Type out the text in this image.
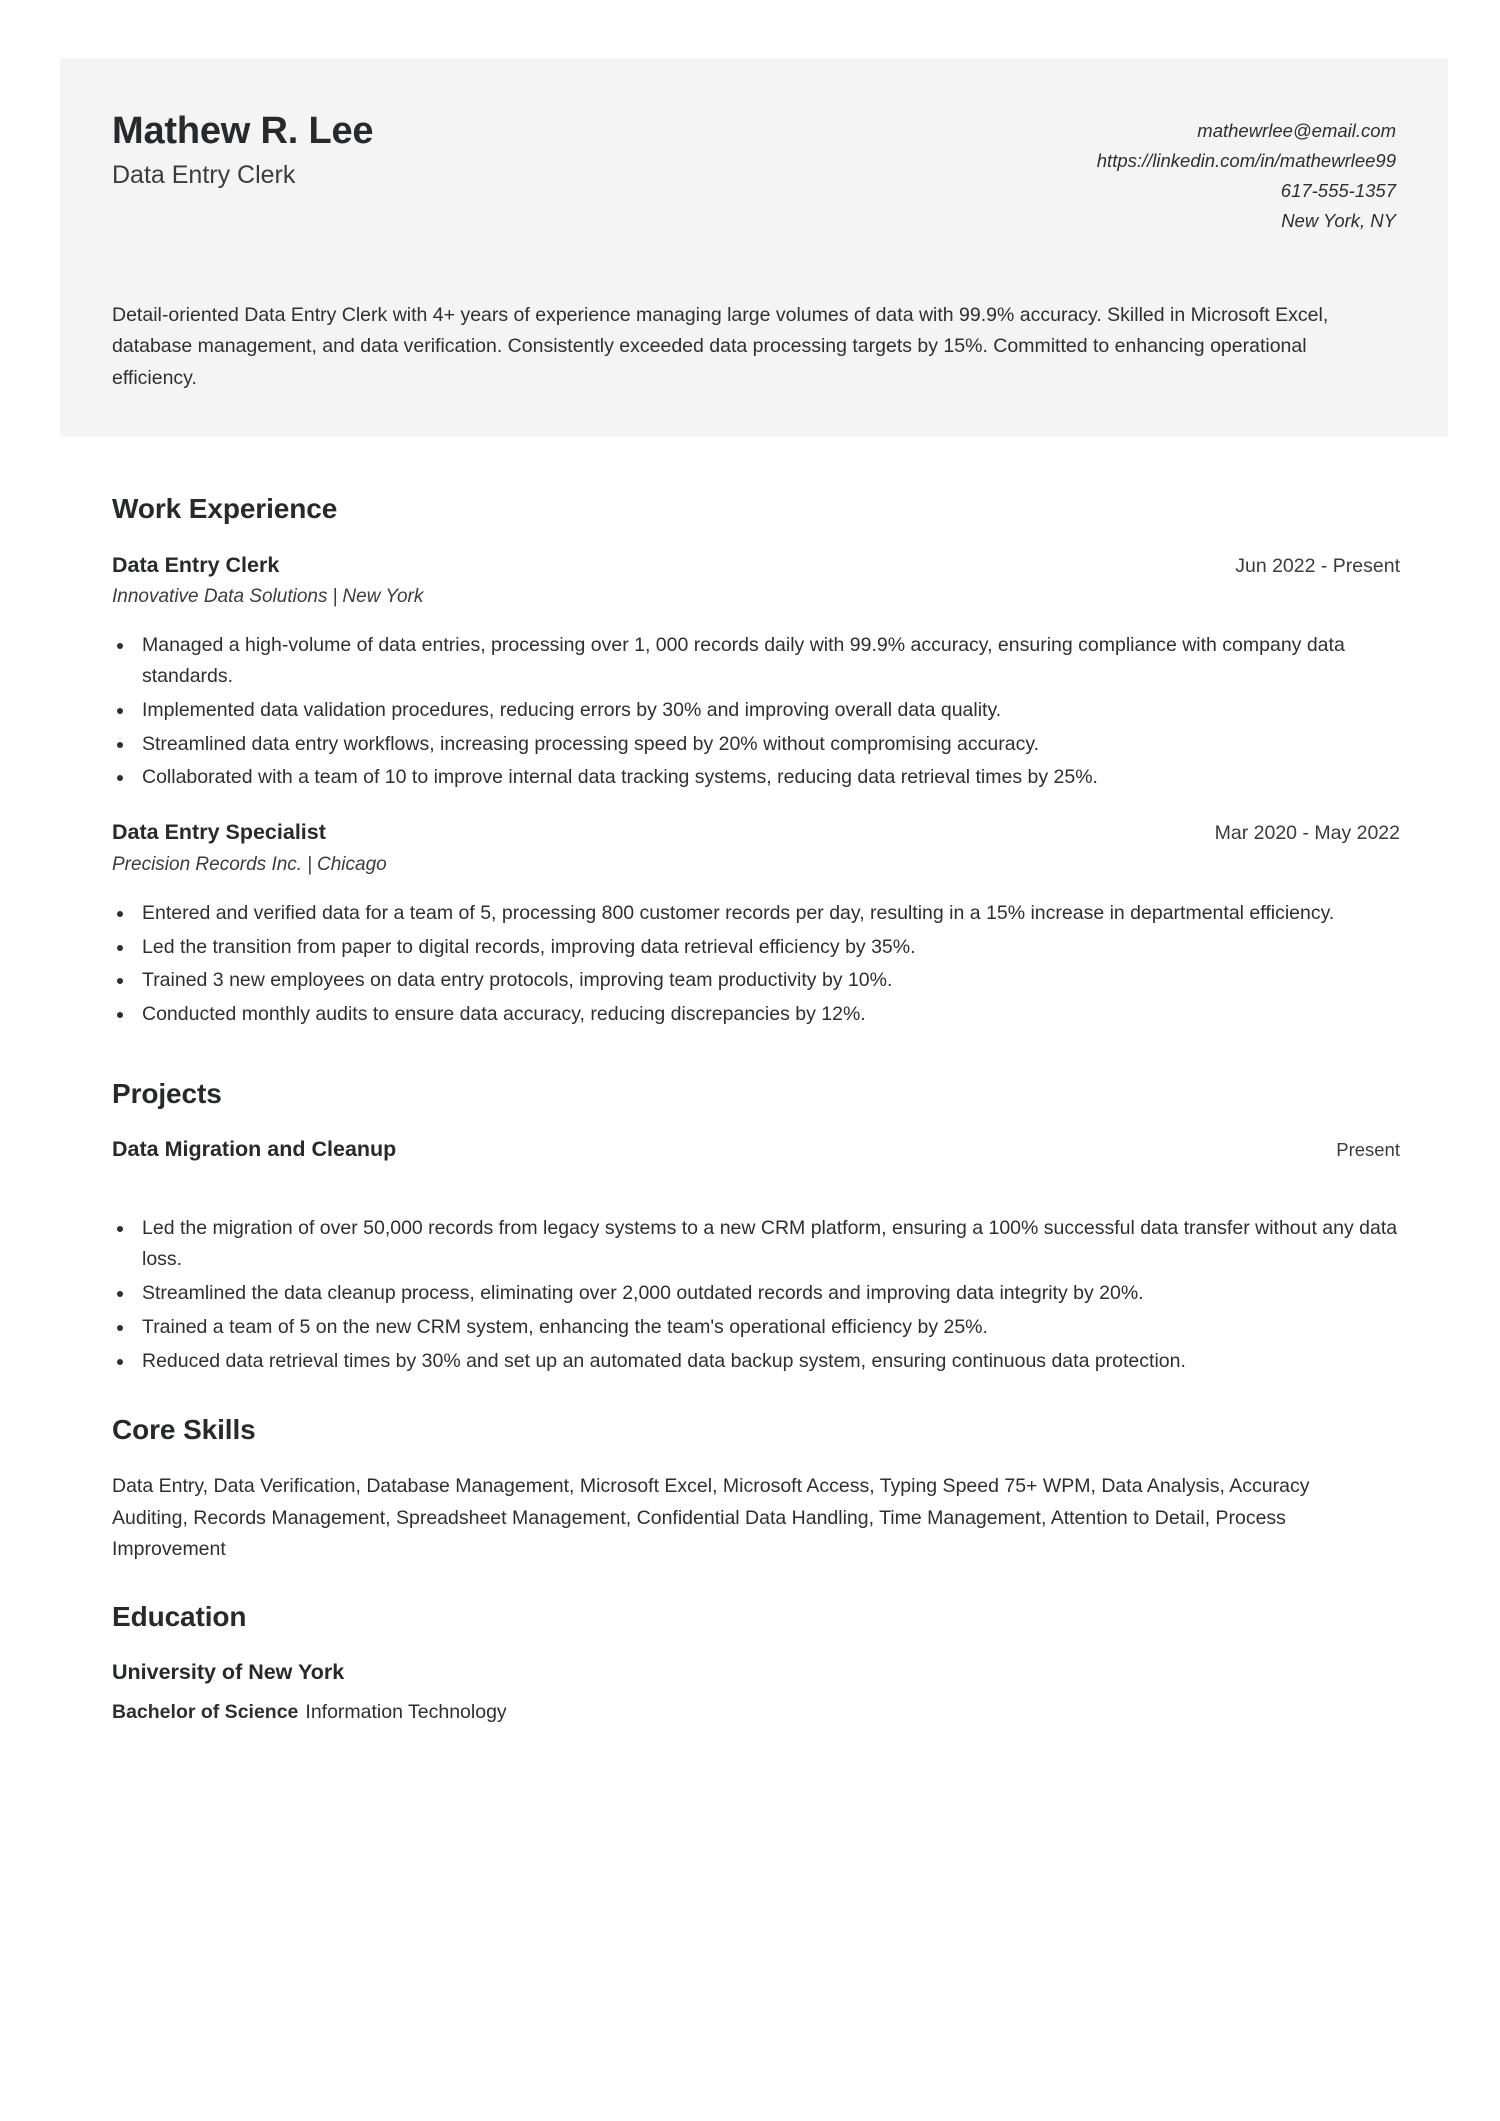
Mathew R. Lee
Data Entry Clerk
mathewrlee@email.com
https://linkedin.com/in/mathewrlee99
617-555-1357
New York, NY
Detail-oriented Data Entry Clerk with 4+ years of experience managing large volumes of data with 99.9% accuracy. Skilled in Microsoft Excel, database management, and data verification. Consistently exceeded data processing targets by 15%. Committed to enhancing operational efficiency.
Work Experience
Data Entry Clerk	Jun 2022 - Present
Innovative Data Solutions | New York
Managed a high-volume of data entries, processing over 1, 000 records daily with 99.9% accuracy, ensuring compliance with company data standards.
Implemented data validation procedures, reducing errors by 30% and improving overall data quality.
Streamlined data entry workflows, increasing processing speed by 20% without compromising accuracy.
Collaborated with a team of 10 to improve internal data tracking systems, reducing data retrieval times by 25%.
Data Entry Specialist	Mar 2020 - May 2022
Precision Records Inc. | Chicago
Entered and verified data for a team of 5, processing 800 customer records per day, resulting in a 15% increase in departmental efficiency.
Led the transition from paper to digital records, improving data retrieval efficiency by 35%.
Trained 3 new employees on data entry protocols, improving team productivity by 10%.
Conducted monthly audits to ensure data accuracy, reducing discrepancies by 12%.
Projects
Data Migration and Cleanup	Present
Led the migration of over 50,000 records from legacy systems to a new CRM platform, ensuring a 100% successful data transfer without any data loss.
Streamlined the data cleanup process, eliminating over 2,000 outdated records and improving data integrity by 20%.
Trained a team of 5 on the new CRM system, enhancing the team's operational efficiency by 25%.
Reduced data retrieval times by 30% and set up an automated data backup system, ensuring continuous data protection.
Core Skills
Data Entry, Data Verification, Database Management, Microsoft Excel, Microsoft Access, Typing Speed 75+ WPM, Data Analysis, Accuracy Auditing, Records Management, Spreadsheet Management, Confidential Data Handling, Time Management, Attention to Detail, Process Improvement
Education
University of New York
Bachelor of Science Information Technology
